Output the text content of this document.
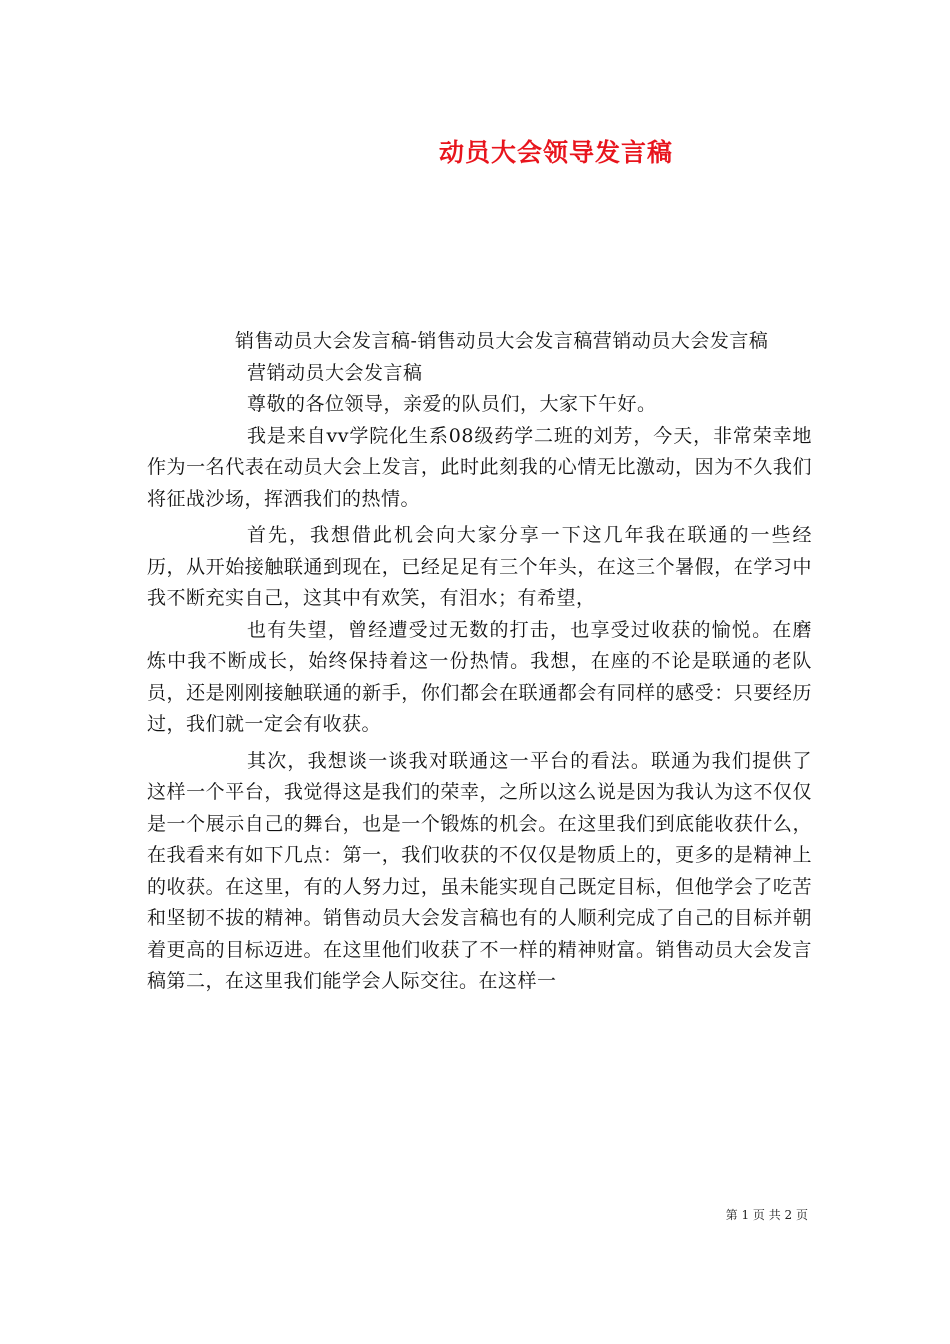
动员大会领导发言稿

销售动员大会发言稿-销售动员大会发言稿营销动员大会发言稿

营销动员大会发言稿

尊敬的各位领导，亲爱的队员们，大家下午好。

我是来自vv学院化生系08级药学二班的刘芳，今天，非常荣幸地作为一名代表在动员大会上发言，此时此刻我的心情无比激动，因为不久我们将征战沙场，挥洒我们的热情。

首先，我想借此机会向大家分享一下这几年我在联通的一些经历，从开始接触联通到现在，已经足足有三个年头，在这三个暑假，在学习中我不断充实自己，这其中有欢笑，有泪水；有希望，

也有失望，曾经遭受过无数的打击，也享受过收获的愉悦。在磨炼中我不断成长，始终保持着这一份热情。我想，在座的不论是联通的老队员，还是刚刚接触联通的新手，你们都会在联通都会有同样的感受：只要经历过，我们就一定会有收获。

其次，我想谈一谈我对联通这一平台的看法。联通为我们提供了这样一个平台，我觉得这是我们的荣幸，之所以这么说是因为我认为这不仅仅是一个展示自己的舞台，也是一个锻炼的机会。在这里我们到底能收获什么，在我看来有如下几点：第一，我们收获的不仅仅是物质上的，更多的是精神上的收获。在这里，有的人努力过，虽未能实现自己既定目标，但他学会了吃苦和坚韧不拔的精神。销售动员大会发言稿也有的人顺利完成了自己的目标并朝着更高的目标迈进。在这里他们收获了不一样的精神财富。销售动员大会发言稿第二，在这里我们能学会人际交往。在这样一

第 1 页 共 2 页
